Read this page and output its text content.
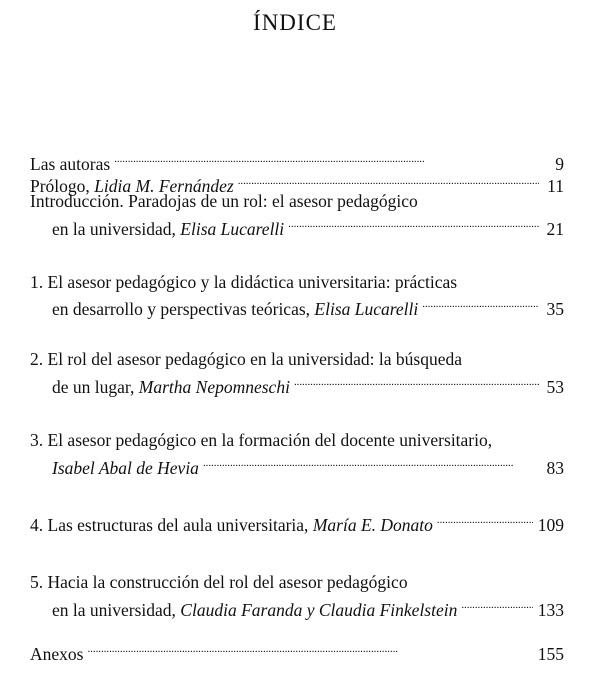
ÍNDICE
Las autoras . . .	9
Prólogo, Lidia M. Fernández . . .	11
Introducción. Paradojas de un rol: el asesor pedagógico
en la universidad, Elisa Lucarelli . . .	21
1. El asesor pedagógico y la didáctica universitaria: prácticas
en desarrollo y perspectivas teóricas, Elisa Lucarelli . . .	35
2. El rol del asesor pedagógico en la universidad: la búsqueda
de un lugar, Martha Nepomneschi . . .	53
3. El asesor pedagógico en la formación del docente universitario,
Isabel Abal de Hevia . . .	83
4. Las estructuras del aula universitaria, María E. Donato . . .	109
5. Hacia la construcción del rol del asesor pedagógico
en la universidad, Claudia Faranda y Claudia Finkelstein . . .	133
Anexos . . .	155
